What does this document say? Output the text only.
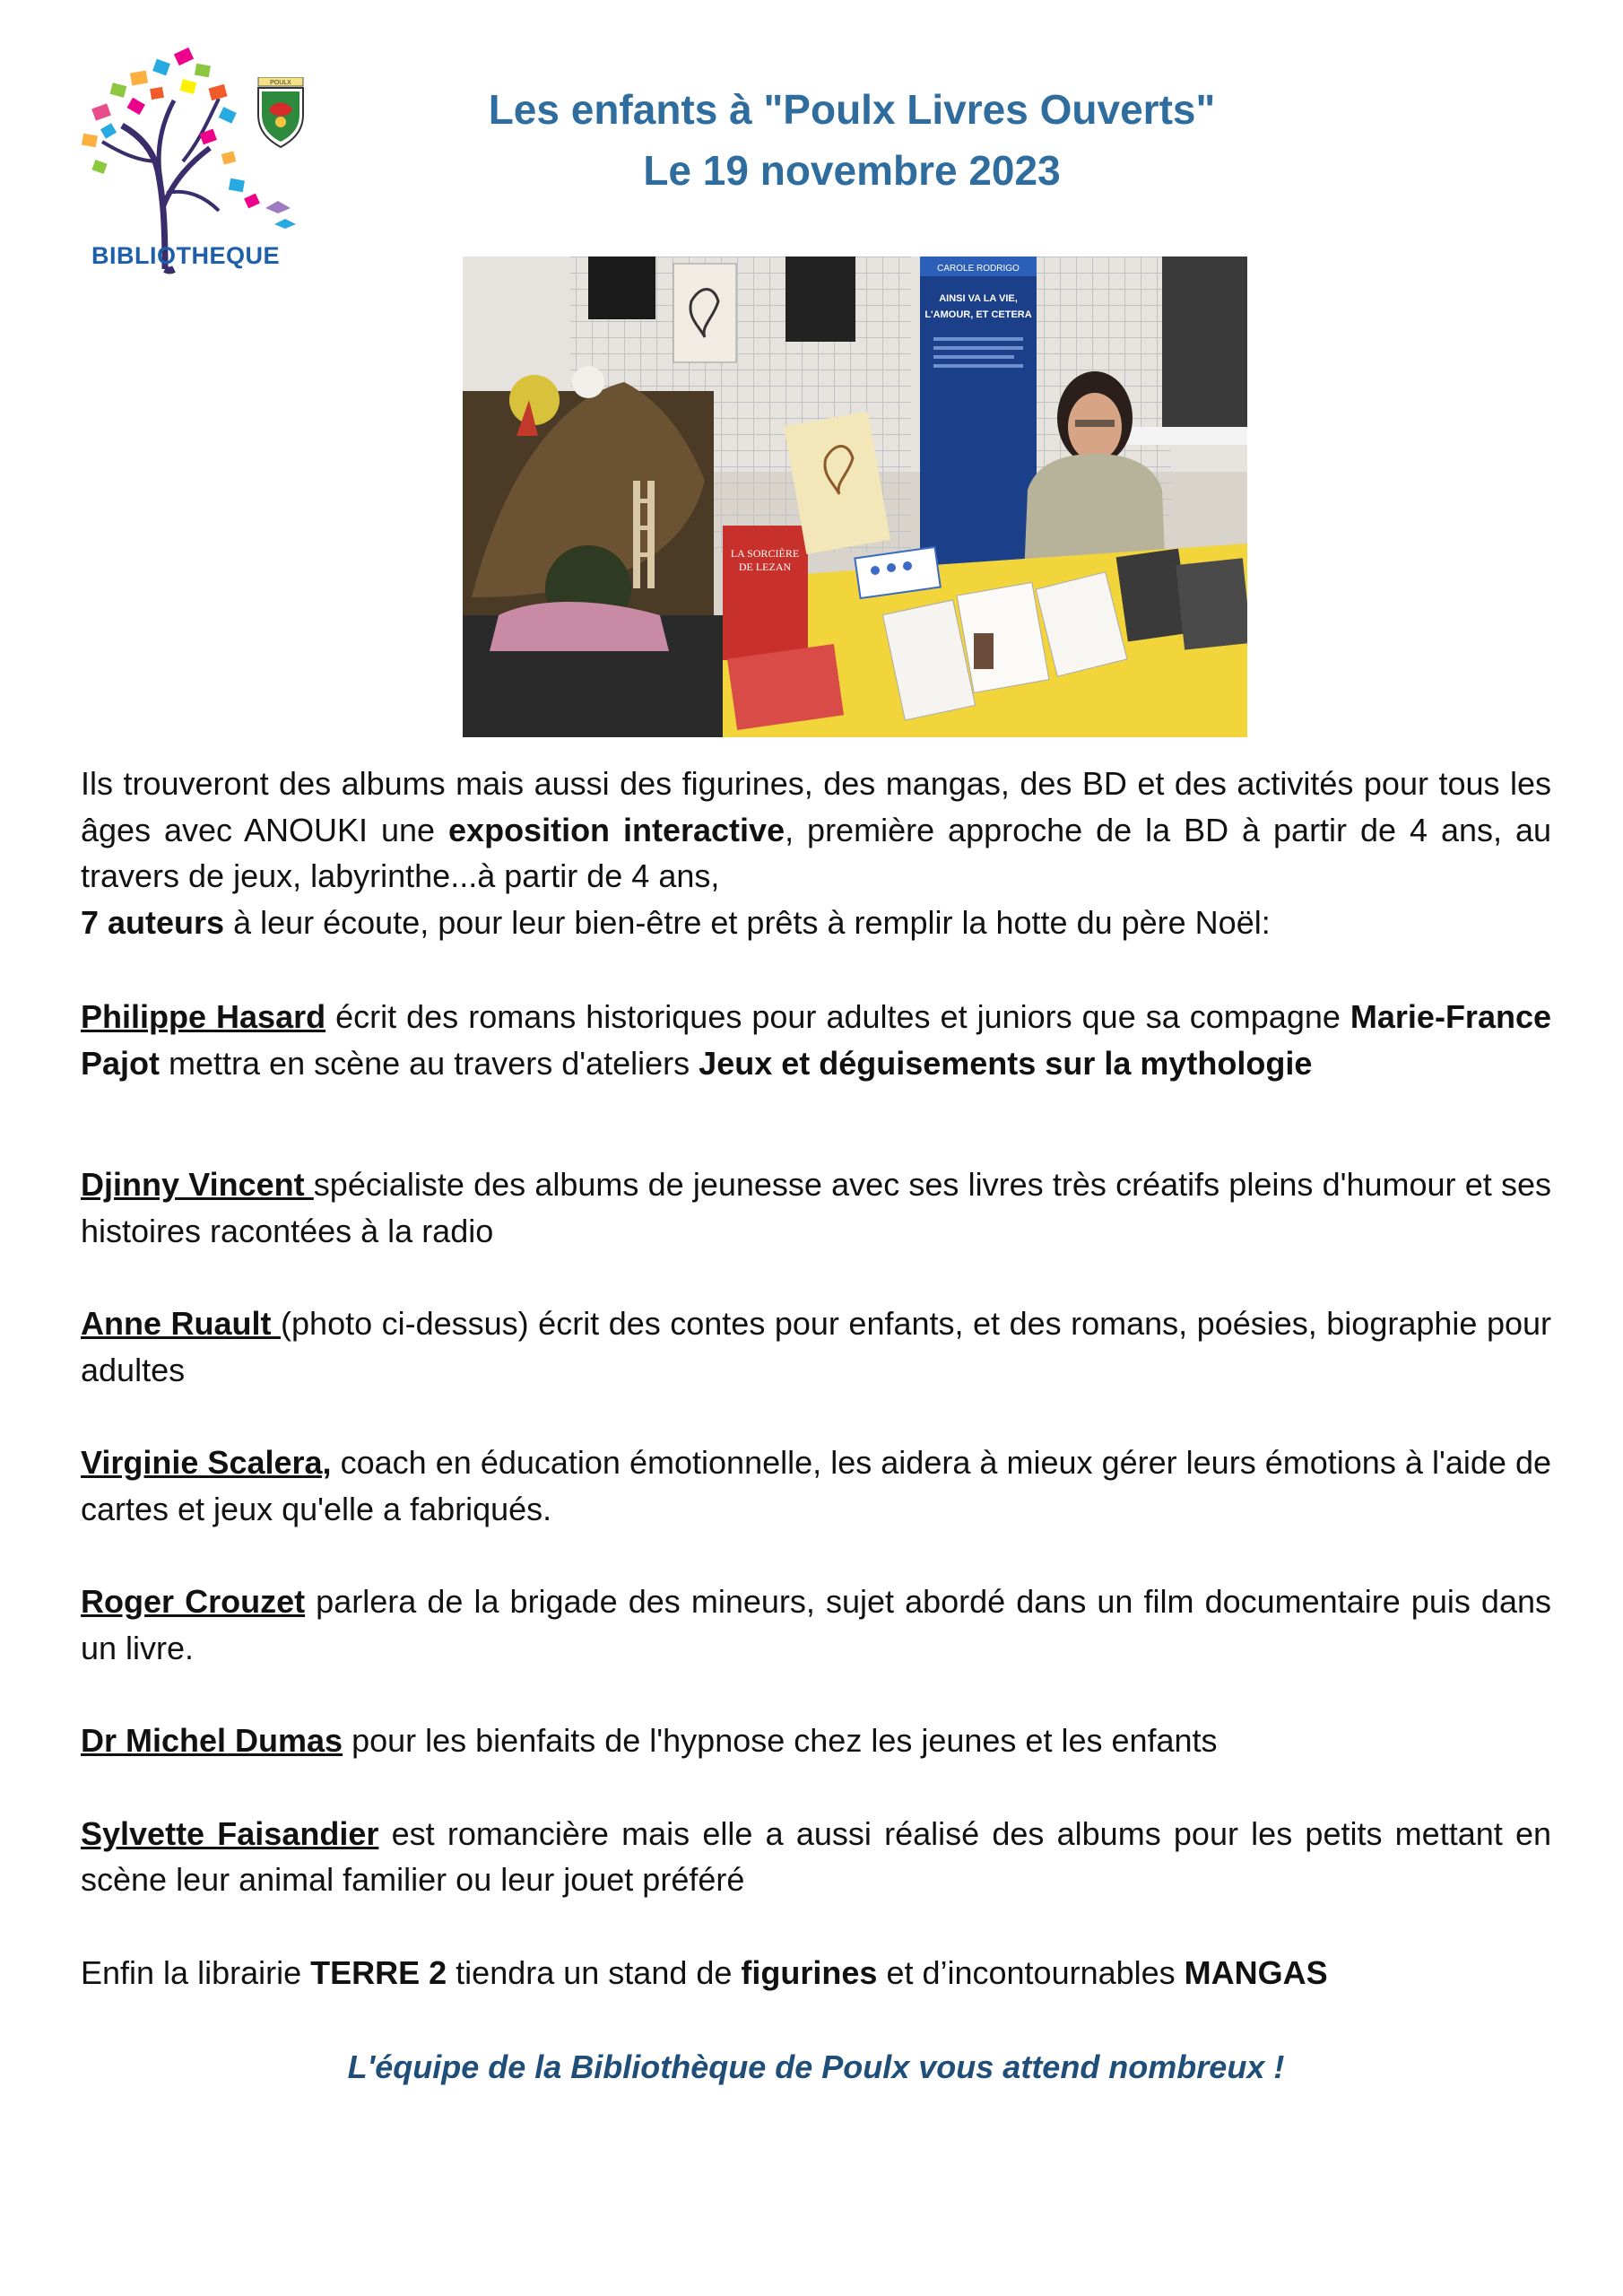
POULX
BIBLIOTHEQUE
Les enfants à "Poulx Livres Ouverts"
Le 19 novembre 2023
CAROLE RODRIGO
AINSI VA LA VIE,
L'AMOUR, ET CETERA
LA SORCIÈRE
DE LEZAN

Ils trouveront des albums mais aussi des figurines, des mangas, des BD et des activités pour tous les âges avec ANOUKI une exposition interactive, première approche de la BD à partir de 4 ans, au travers de jeux, labyrinthe...à partir de 4 ans,

7 auteurs à leur écoute, pour leur bien-être et prêts à remplir la hotte du père Noël:

Philippe Hasard écrit des romans historiques pour adultes et juniors que sa compagne Marie-France Pajot mettra en scène au travers d'ateliers Jeux et déguisements sur la mythologie

Djinny Vincent spécialiste des albums de jeunesse avec ses livres très créatifs pleins d'humour et ses histoires racontées à la radio

Anne Ruault (photo ci-dessus) écrit des contes pour enfants, et des romans, poésies, biographie pour adultes

Virginie Scalera, coach en éducation émotionnelle, les aidera à mieux gérer leurs émotions à l'aide de cartes et jeux qu'elle a fabriqués.

Roger Crouzet parlera de la brigade des mineurs, sujet abordé dans un film documentaire puis dans un livre.

Dr Michel Dumas pour les bienfaits de l'hypnose chez les jeunes et les enfants

Sylvette Faisandier est romancière mais elle a aussi réalisé des albums pour les petits mettant en scène leur animal familier ou leur jouet préféré

Enfin la librairie TERRE 2 tiendra un stand de figurines et d’incontournables MANGAS

L'équipe de la Bibliothèque de Poulx vous attend nombreux !
